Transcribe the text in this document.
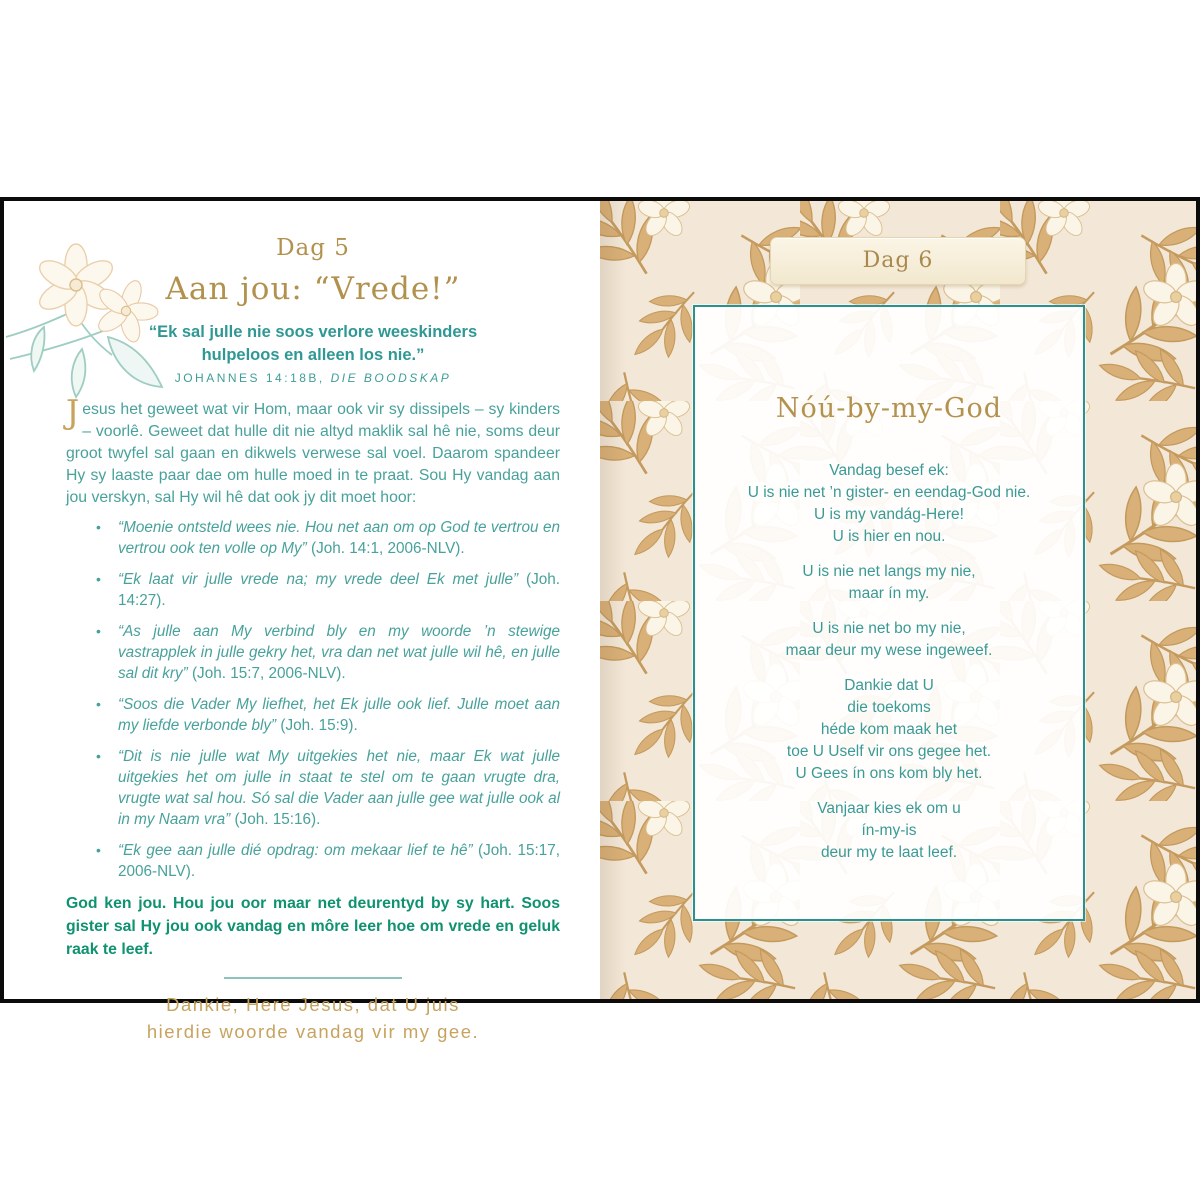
Dag 5
Aan jou: “Vrede!”
“Ek sal julle nie soos verlore weeskinders
hulpeloos en alleen los nie.”
JOHANNES 14:18B, DIE BOODSKAP

Jesus het geweet wat vir Hom, maar ook vir sy dissipels – sy kinders – voorlê. Geweet dat hulle dit nie altyd maklik sal hê nie, soms deur groot twyfel sal gaan en dikwels verwese sal voel. Daarom spandeer Hy sy laaste paar dae om hulle moed in te praat. Sou Hy vandag aan jou verskyn, sal Hy wil hê dat ook jy dit moet hoor:

• “Moenie ontsteld wees nie. Hou net aan om op God te vertrou en vertrou ook ten volle op My” (Joh. 14:1, 2006-NLV).
• “Ek laat vir julle vrede na; my vrede deel Ek met julle” (Joh. 14:27).
• “As julle aan My verbind bly en my woorde ’n stewige vastrapplek in julle gekry het, vra dan net wat julle wil hê, en julle sal dit kry” (Joh. 15:7, 2006-NLV).
• “Soos die Vader My liefhet, het Ek julle ook lief. Julle moet aan my liefde verbonde bly” (Joh. 15:9).
• “Dit is nie julle wat My uitgekies het nie, maar Ek wat julle uitgekies het om julle in staat te stel om te gaan vrugte dra, vrugte wat sal hou. Só sal die Vader aan julle gee wat julle ook al in my Naam vra” (Joh. 15:16).
• “Ek gee aan julle dié opdrag: om mekaar lief te hê” (Joh. 15:17, 2006-NLV).

God ken jou. Hou jou oor maar net deurentyd by sy hart. Soos gister sal Hy jou ook vandag en môre leer hoe om vrede en geluk raak te leef.

Dankie, Here Jesus, dat U juis
hierdie woorde vandag vir my gee.
Dag 6
Nóú-by-my-God
Vandag besef ek:
U is nie net ’n gister- en eendag-God nie.
U is my vandág-Here!
U is hier en nou.
U is nie net langs my nie,
maar ín my.
U is nie net bo my nie,
maar deur my wese ingeweef.
Dankie dat U
die toekoms
héde kom maak het
toe U Uself vir ons gegee het.
U Gees ín ons kom bly het.
Vanjaar kies ek om u
ín-my-is
deur my te laat leef.
